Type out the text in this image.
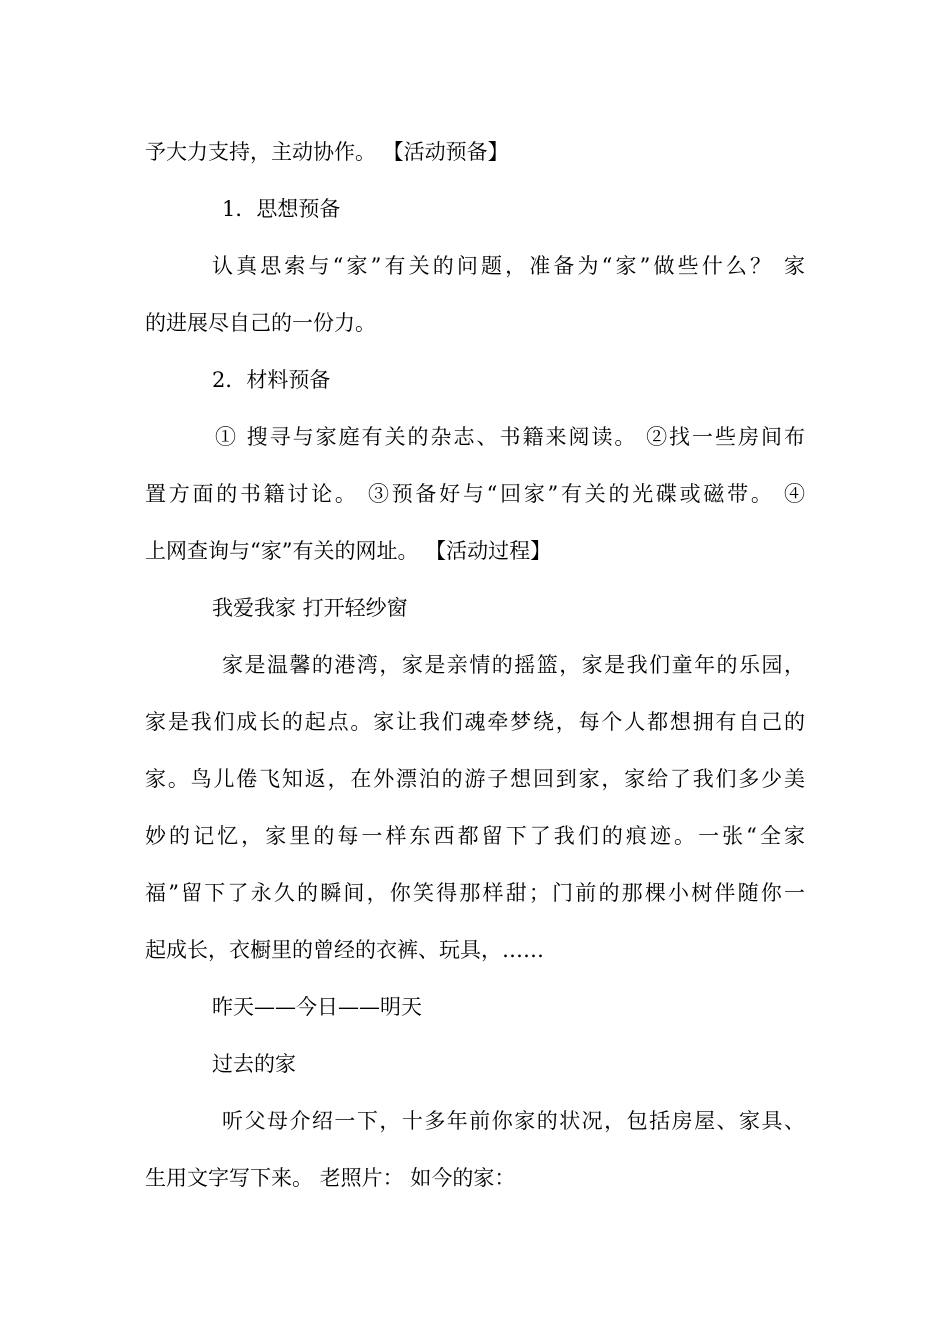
予大力支持，主动协作。 【活动预备】

1．思想预备

认真思索与“家”有关的问题，准备为“家”做些什么？ 家

的进展尽自己的一份力。

2．材料预备

① 搜寻与家庭有关的杂志、书籍来阅读。 ②找一些房间布

置方面的书籍讨论。 ③预备好与“回家”有关的光碟或磁带。 ④

上网查询与“家”有关的网址。 【活动过程】

我爱我家 打开轻纱窗

家是温馨的港湾，家是亲情的摇篮，家是我们童年的乐园，

家是我们成长的起点。家让我们魂牵梦绕，每个人都想拥有自己的

家。鸟儿倦飞知返，在外漂泊的游子想回到家，家给了我们多少美

妙的记忆，家里的每一样东西都留下了我们的痕迹。一张“全家

福”留下了永久的瞬间，你笑得那样甜；门前的那棵小树伴随你一

起成长，衣橱里的曾经的衣裤、玩具，……

昨天——今日——明天

过去的家

听父母介绍一下，十多年前你家的状况，包括房屋、家具、

生用文字写下来。 老照片： 如今的家：
